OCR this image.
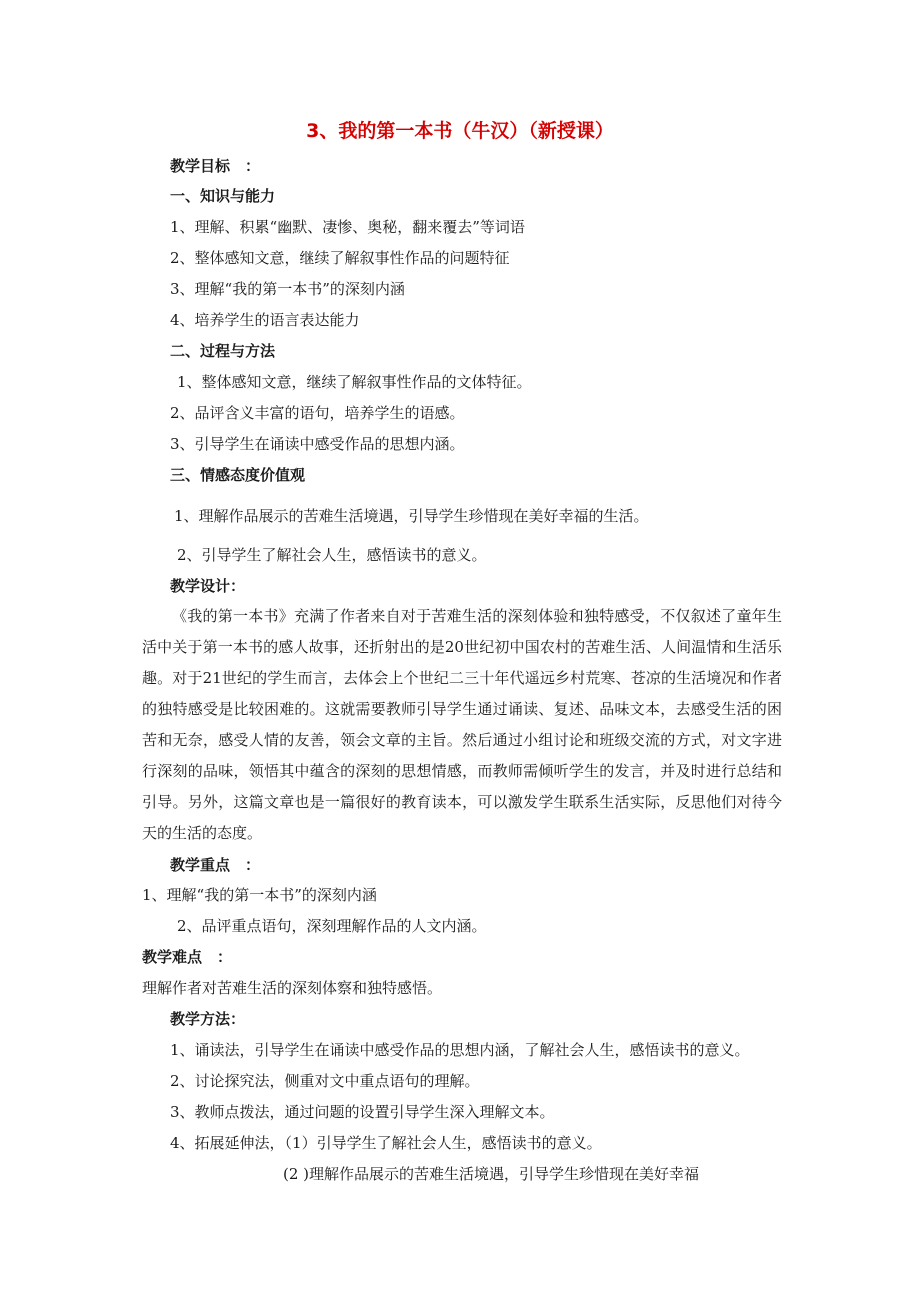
3、我的第一本书（牛汉）（新授课）

教学目标　：

一、知识与能力

1、理解、积累“幽默、凄惨、奥秘，翻来覆去”等词语

2、整体感知文意，继续了解叙事性作品的问题特征

3、理解“我的第一本书”的深刻内涵

4、培养学生的语言表达能力

二、过程与方法

1、整体感知文意，继续了解叙事性作品的文体特征。

2、品评含义丰富的语句，培养学生的语感。

3、引导学生在诵读中感受作品的思想内涵。

三、情感态度价值观

1、理解作品展示的苦难生活境遇，引导学生珍惜现在美好幸福的生活。

2、引导学生了解社会人生，感悟读书的意义。

教学设计：

《我的第一本书》充满了作者来自对于苦难生活的深刻体验和独特感受，不仅叙述了童年生活中关于第一本书的感人故事，还折射出的是20世纪初中国农村的苦难生活、人间温情和生活乐趣。对于21世纪的学生而言，去体会上个世纪二三十年代遥远乡村荒寒、苍凉的生活境况和作者的独特感受是比较困难的。这就需要教师引导学生通过诵读、复述、品味文本，去感受生活的困苦和无奈，感受人情的友善，领会文章的主旨。然后通过小组讨论和班级交流的方式，对文字进行深刻的品味，领悟其中蕴含的深刻的思想情感，而教师需倾听学生的发言，并及时进行总结和引导。另外，这篇文章也是一篇很好的教育读本，可以激发学生联系生活实际，反思他们对待今天的生活的态度。

教学重点　：

1、理解“我的第一本书”的深刻内涵

2、品评重点语句，深刻理解作品的人文内涵。

教学难点　：

理解作者对苦难生活的深刻体察和独特感悟。

教学方法：

1、诵读法，引导学生在诵读中感受作品的思想内涵，了解社会人生，感悟读书的意义。

2、讨论探究法，侧重对文中重点语句的理解。

3、教师点拨法，通过问题的设置引导学生深入理解文本。

4、拓展延伸法，（1）引导学生了解社会人生，感悟读书的意义。

(2 )理解作品展示的苦难生活境遇，引导学生珍惜现在美好幸福
